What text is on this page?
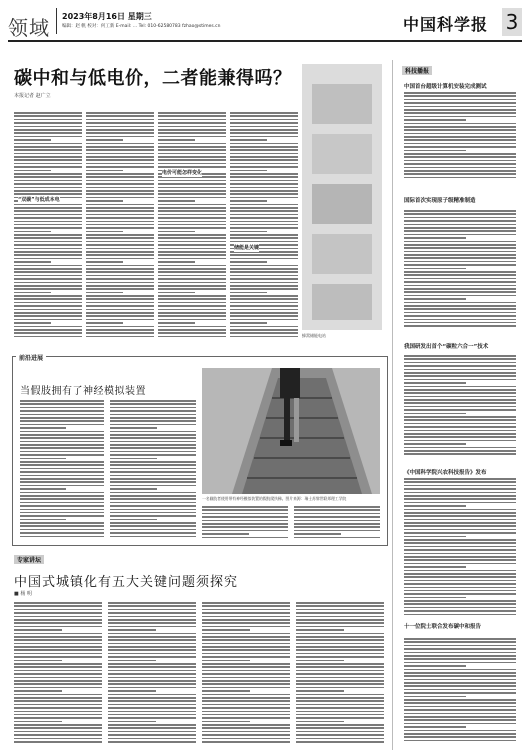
领域 2023年8月16日 星期三
编辑：赵 帆 校对：何工新 E-mail: ... Tel: 010-62580783 fzhao@stimes.cn	中国科学报 3
碳中和与低电价，二者能兼得吗？
本报记者 赵广立
“双碳”与低成本电
电价可能怎样变化
储能是关键
蜂窝储能电站
科技播报
中国首台超级计算机安装完成测试
国际首次实现原子级精准制造
我国研发出首个“碳粒六合一”技术
《中国科学院兴农科技报告》发布
十一位院士联合发布碳中和报告
前沿进展
当假肢拥有了神经模拟装置
一名截肢者使用带有神经模拟装置的假肢爬扶梯。图片来源：瑞士苏黎世联邦理工学院
专家讲坛
中国式城镇化有五大关键问题须探究
■ 杨 明
